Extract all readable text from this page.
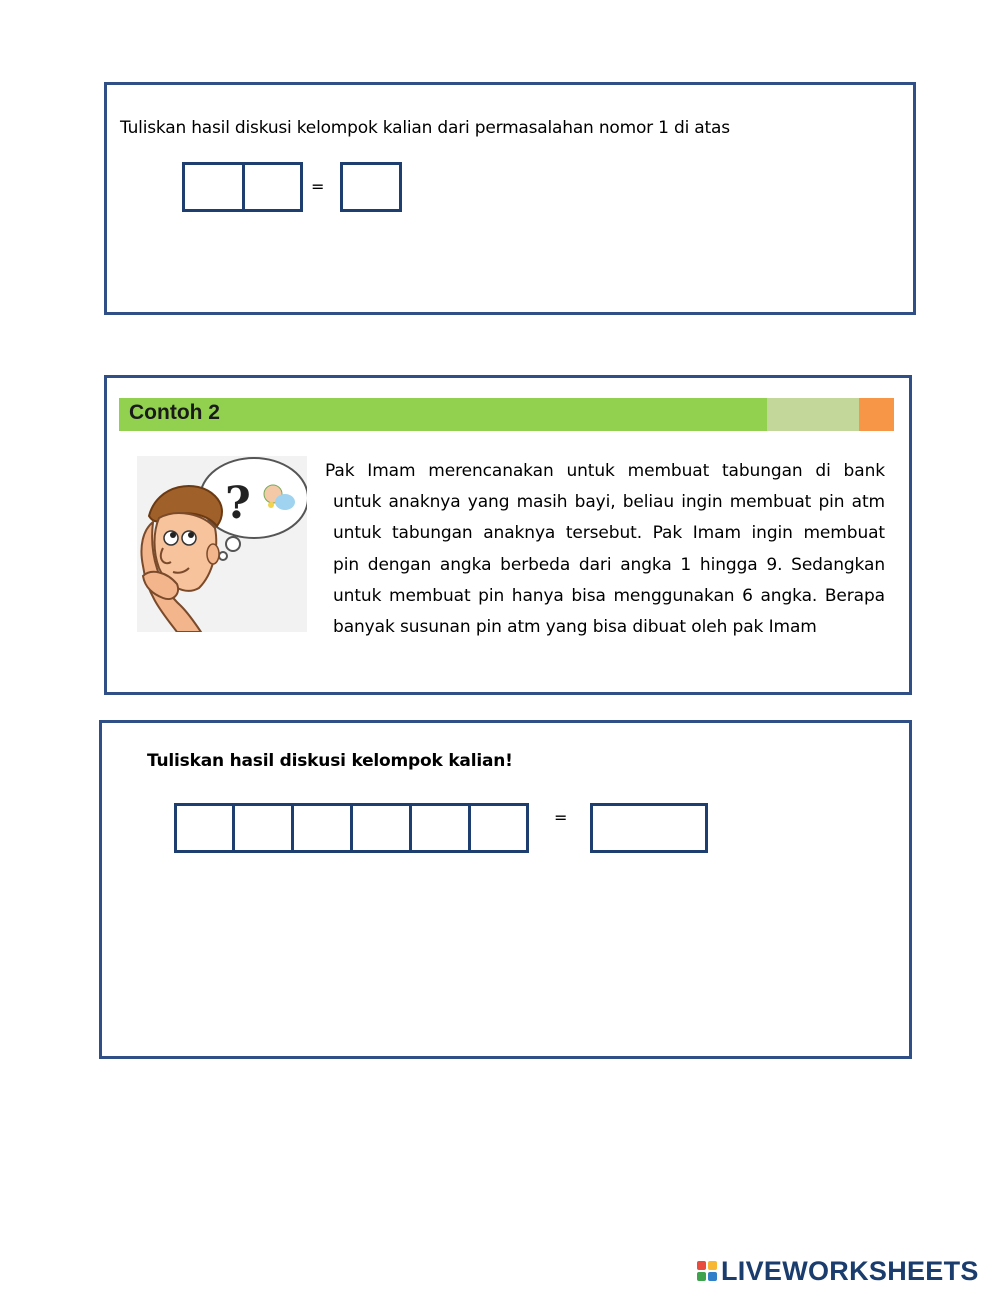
Tuliskan hasil diskusi kelompok kalian dari permasalahan nomor 1 di atas
=
Contoh 2
?
Pak Imam merencanakan untuk membuat tabungan di bank
untuk anaknya yang masih bayi, beliau ingin membuat pin atm
untuk tabungan anaknya tersebut. Pak Imam ingin membuat
pin dengan angka berbeda dari angka 1 hingga 9. Sedangkan
untuk membuat pin hanya bisa menggunakan 6 angka. Berapa
banyak susunan pin atm yang bisa dibuat oleh pak Imam
Tuliskan hasil diskusi kelompok kalian!
=
LIVEWORKSHEETS
